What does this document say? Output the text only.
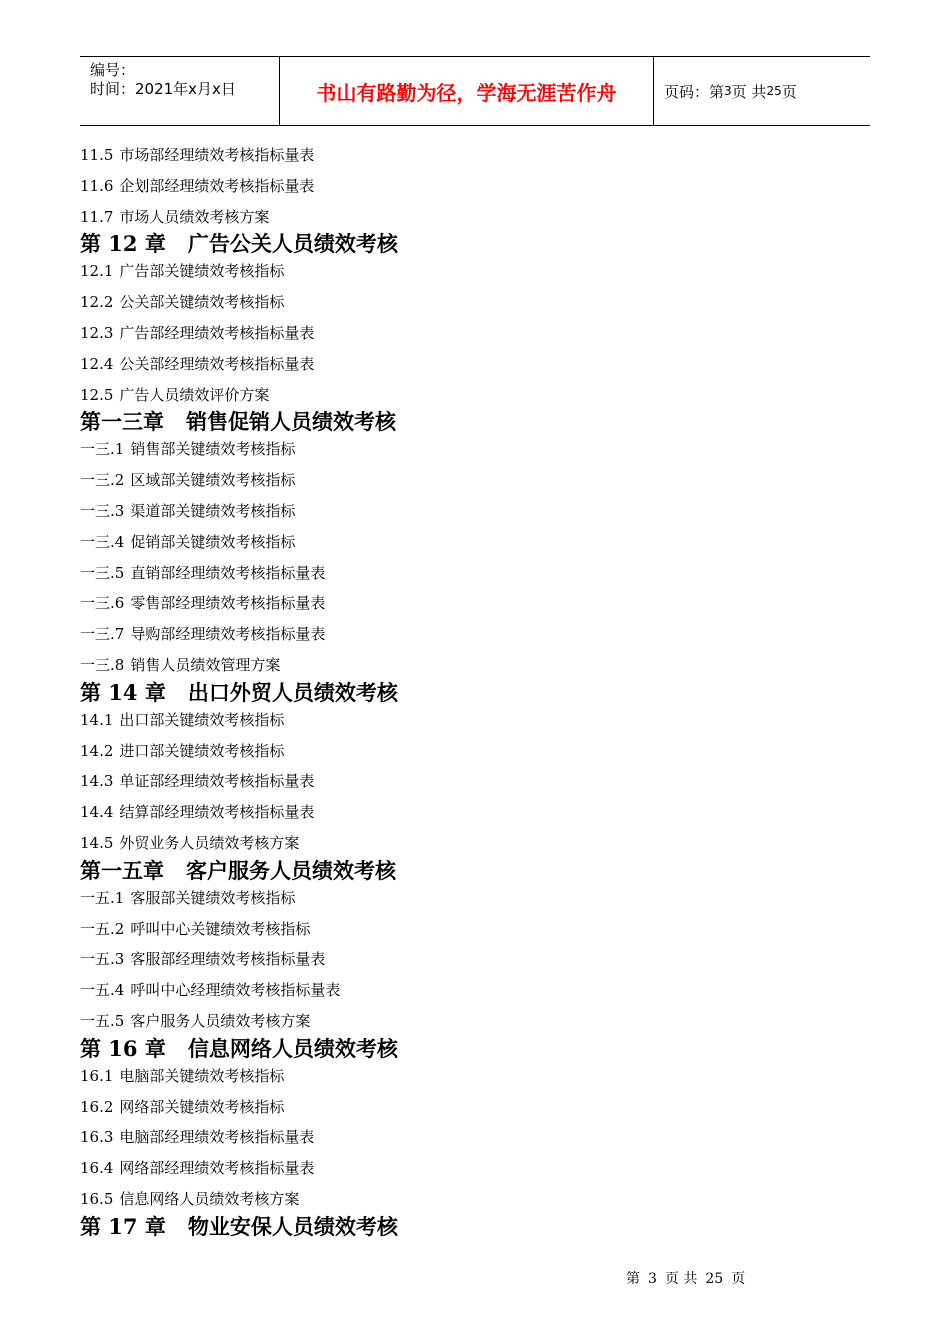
编号：
时间：2021年x月x日	书山有路勤为径，学海无涯苦作舟	页码：第 3 页 共 25 页
11.5 市场部经理绩效考核指标量表
11.6 企划部经理绩效考核指标量表
11.7 市场人员绩效考核方案
第 12 章 广告公关人员绩效考核
12.1 广告部关键绩效考核指标
12.2 公关部关键绩效考核指标
12.3 广告部经理绩效考核指标量表
12.4 公关部经理绩效考核指标量表
12.5 广告人员绩效评价方案
第一三章 销售促销人员绩效考核
一三.1 销售部关键绩效考核指标
一三.2 区域部关键绩效考核指标
一三.3 渠道部关键绩效考核指标
一三.4 促销部关键绩效考核指标
一三.5 直销部经理绩效考核指标量表
一三.6 零售部经理绩效考核指标量表
一三.7 导购部经理绩效考核指标量表
一三.8 销售人员绩效管理方案
第 14 章 出口外贸人员绩效考核
14.1 出口部关键绩效考核指标
14.2 进口部关键绩效考核指标
14.3 单证部经理绩效考核指标量表
14.4 结算部经理绩效考核指标量表
14.5 外贸业务人员绩效考核方案
第一五章 客户服务人员绩效考核
一五.1 客服部关键绩效考核指标
一五.2 呼叫中心关键绩效考核指标
一五.3 客服部经理绩效考核指标量表
一五.4 呼叫中心经理绩效考核指标量表
一五.5 客户服务人员绩效考核方案
第 16 章 信息网络人员绩效考核
16.1 电脑部关键绩效考核指标
16.2 网络部关键绩效考核指标
16.3 电脑部经理绩效考核指标量表
16.4 网络部经理绩效考核指标量表
16.5 信息网络人员绩效考核方案
第 17 章 物业安保人员绩效考核
第 3 页 共 25 页
